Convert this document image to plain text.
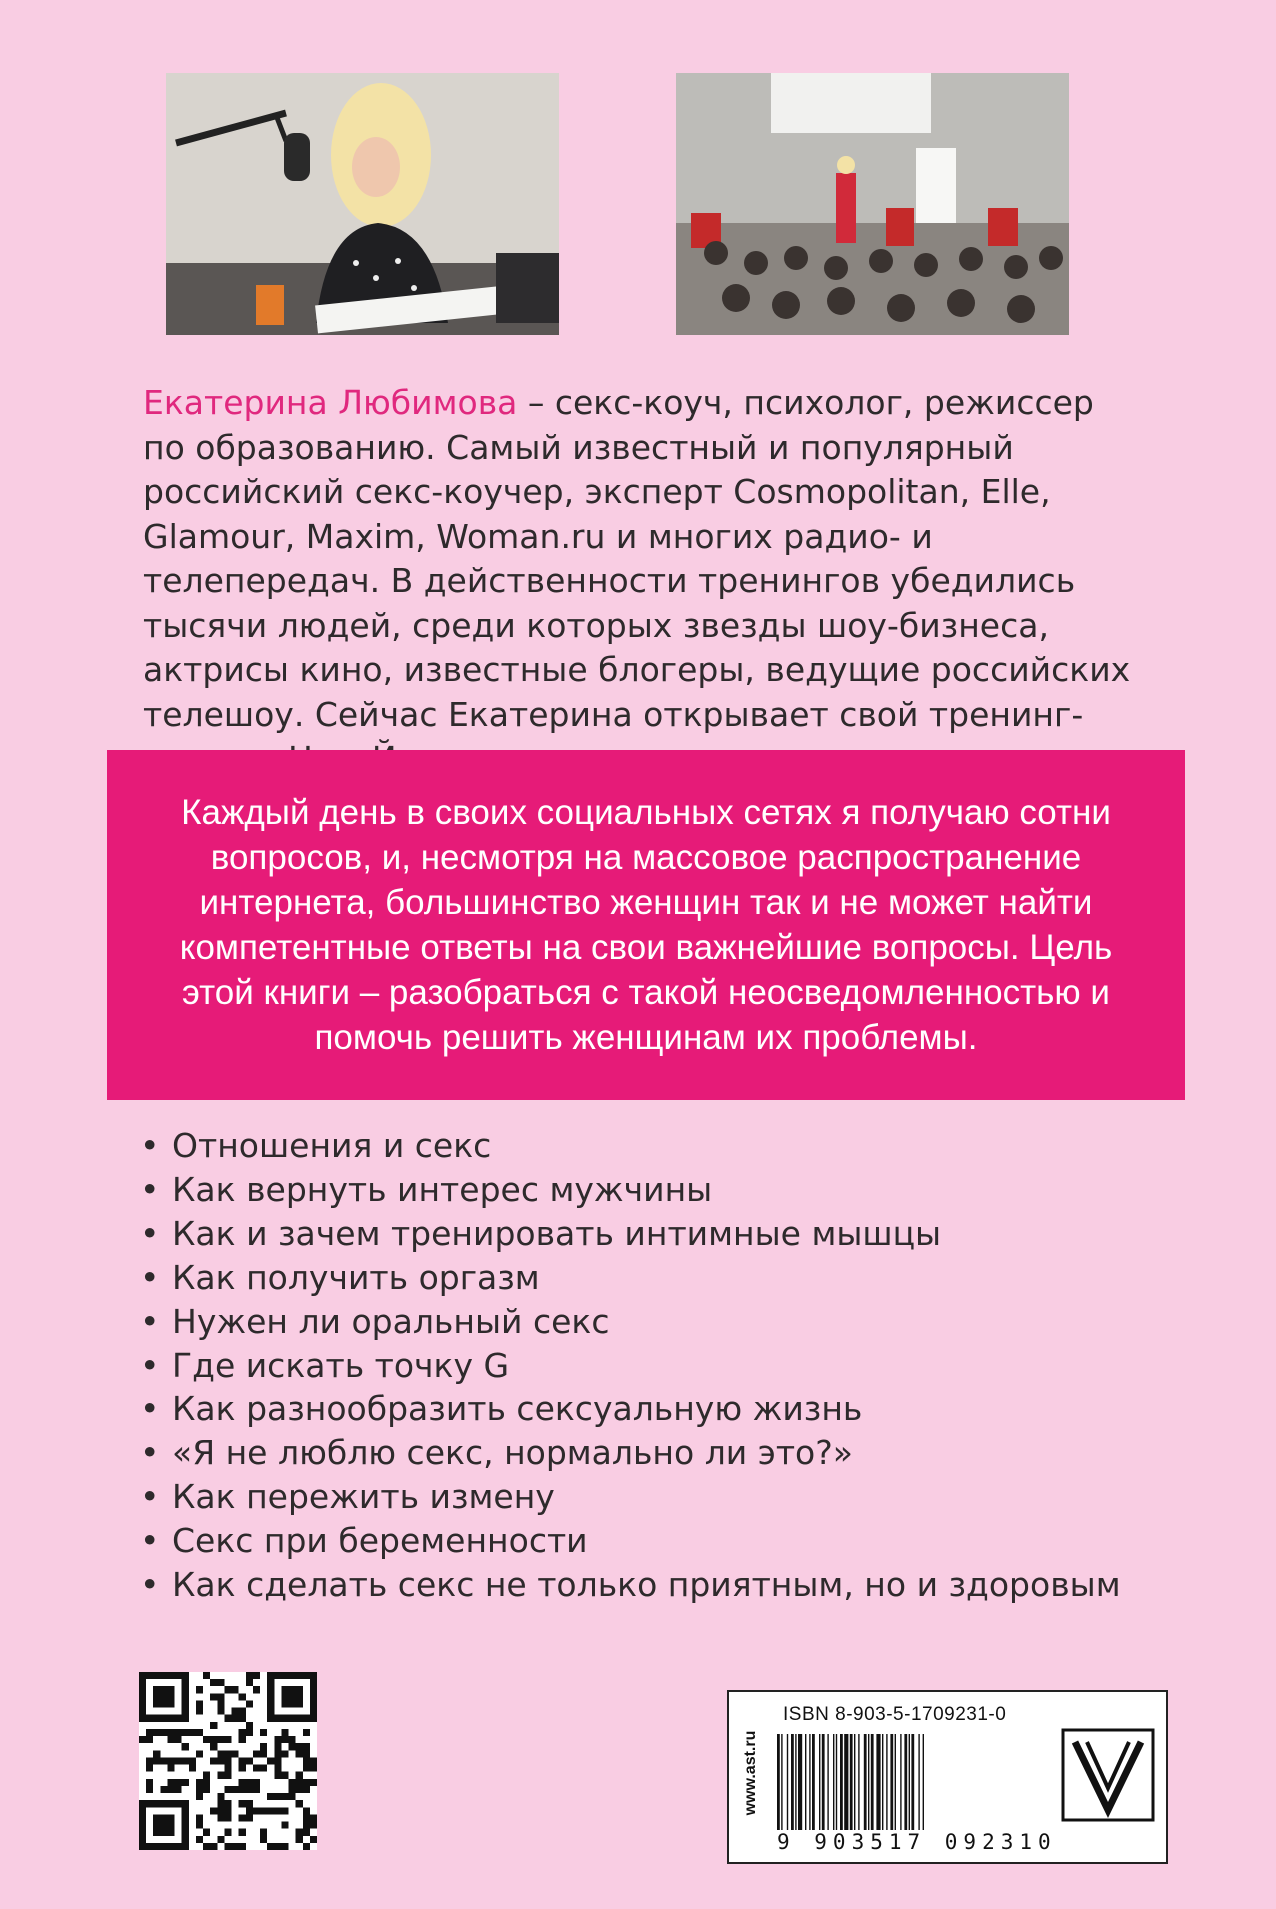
Екатерина Любимова – секс-коуч, психолог, режиссер по образованию. Самый известный и популярный российский секс-коучер, эксперт Cosmopolitan, Elle, Glamour, Maxim, Woman.ru и многих радио- и телепередач. В действенности тренингов убедились тысячи людей, среди которых звезды шоу-бизнеса, актрисы кино, известные блогеры, ведущие российских телешоу. Сейчас Екатерина открывает свой тренинг-
Каждый день в своих социальных сетях я получаю сотни вопросов, и, несмотря на массовое распространение интернета, большинство женщин так и не может найти компетентные ответы на свои важнейшие вопросы. Цель этой книги – разобраться с такой неосведомленностью и помочь решить женщинам их проблемы.
• Отношения и секс
• Как вернуть интерес мужчины
• Как и зачем тренировать интимные мышцы
• Как получить оргазм
• Нужен ли оральный секс
• Где искать точку G
• Как разнообразить сексуальную жизнь
• «Я не люблю секс, нормально ли это?»
• Как пережить измену
• Секс при беременности
• Как сделать секс не только приятным, но и здоровым
www.ast.ru
ISBN 8-903-5-1709231-0
9 903517 092310
